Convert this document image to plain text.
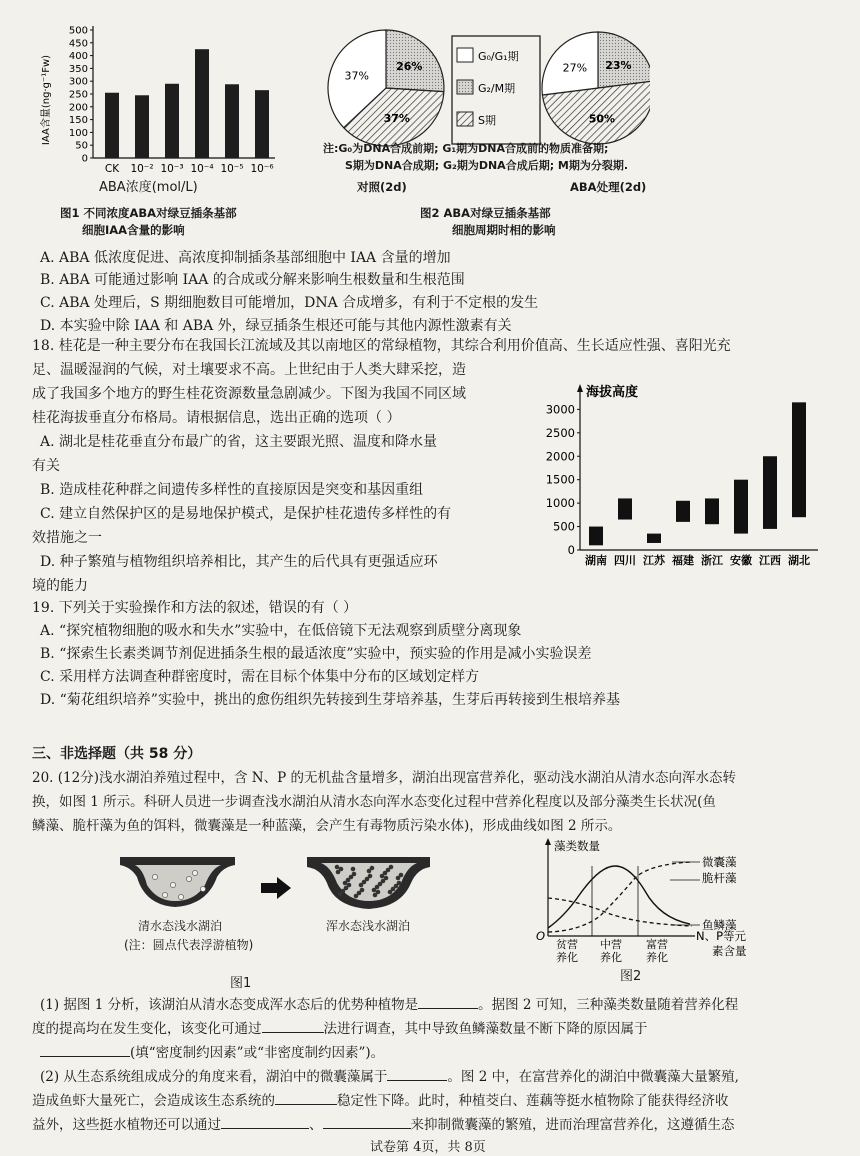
0
50
100
150
200
250
300
350
400
450
500
CK 10⁻² 10⁻³ 10⁻⁴ 10⁻⁵ 10⁻⁶
IAA含量(ng·g⁻¹Fw)
ABA浓度(mol/L)
图1 不同浓度ABA对绿豆插条基部
细胞IAA含量的影响
26%
37%
37%
23%
50%
27%
G₀/G₁期
G₂/M期
S期
注:G₀为DNA合成前期; G₁期为DNA合成前的物质准备期;
S期为DNA合成期; G₂期为DNA合成后期; M期为分裂期.
对照(2d)	ABA处理(2d)
图2 ABA对绿豆插条基部
细胞周期时相的影响
A. ABA 低浓度促进、高浓度抑制插条基部细胞中 IAA 含量的增加
B. ABA 可能通过影响 IAA 的合成或分解来影响生根数量和生根范围
C. ABA 处理后，S 期细胞数目可能增加，DNA 合成增多，有利于不定根的发生
D. 本实验中除 IAA 和 ABA 外，绿豆插条生根还可能与其他内源性激素有关
18. 桂花是一种主要分布在我国长江流域及其以南地区的常绿植物，其综合利用价值高、生长适应性强、喜阳光充
足、温暖湿润的气候，对土壤要求不高。上世纪由于人类大肆采挖，造
成了我国多个地方的野生桂花资源数量急剧减少。下图为我国不同区域
桂花海拔垂直分布格局。请根据信息，选出正确的选项（ ）
A. 湖北是桂花垂直分布最广的省，这主要跟光照、温度和降水量
有关
B. 造成桂花种群之间遗传多样性的直接原因是突变和基因重组
C. 建立自然保护区的是易地保护模式，是保护桂花遗传多样性的有
效措施之一
D. 种子繁殖与植物组织培养相比，其产生的后代具有更强适应环
境的能力
海拔高度
0
500
1000
1500
2000
2500
3000
湖南 四川 江苏 福建 浙江 安徽 江西 湖北
19. 下列关于实验操作和方法的叙述，错误的有（ ）
A. “探究植物细胞的吸水和失水”实验中，在低倍镜下无法观察到质壁分离现象
B. “探索生长素类调节剂促进插条生根的最适浓度”实验中，预实验的作用是减小实验误差
C. 采用样方法调查种群密度时，需在目标个体集中分布的区域划定样方
D. “菊花组织培养”实验中，挑出的愈伤组织先转接到生芽培养基，生芽后再转接到生根培养基
三、非选择题（共 58 分）
20. (12分)浅水湖泊养殖过程中，含 N、P 的无机盐含量增多，湖泊出现富营养化，驱动浅水湖泊从清水态向浑水态转
换，如图 1 所示。科研人员进一步调查浅水湖泊从清水态向浑水态变化过程中营养化程度以及部分藻类生长状况(鱼
鳞藻、脆杆藻为鱼的饵料，微囊藻是一种蓝藻，会产生有毒物质污染水体)，形成曲线如图 2 所示。
清水态浅水湖泊
(注：圆点代表浮游植物)
浑水态浅水湖泊
图1
藻类数量
微囊藻
脆杆藻
鱼鳞藻
N、P等元
素含量
O
贫营
养化
中营
养化
富营
养化
图2
(1) 据图 1 分析，该湖泊从清水态变成浑水态后的优势种植物是	。据图 2 可知，三种藻类数量随着营养化程
度的提高均在发生变化，该变化可通过	法进行调查，其中导致鱼鳞藻数量不断下降的原因属于
(填“密度制约因素”或“非密度制约因素”)。
(2) 从生态系统组成成分的角度来看，湖泊中的微囊藻属于	。图 2 中，在富营养化的湖泊中微囊藻大量繁殖,
造成鱼虾大量死亡，会造成该生态系统的	稳定性下降。此时，种植茭白、莲藕等挺水植物除了能获得经济收
益外，这些挺水植物还可以通过	、	来抑制微囊藻的繁殖，进而治理富营养化，这遵循生态
试卷第 4页，共 8页
